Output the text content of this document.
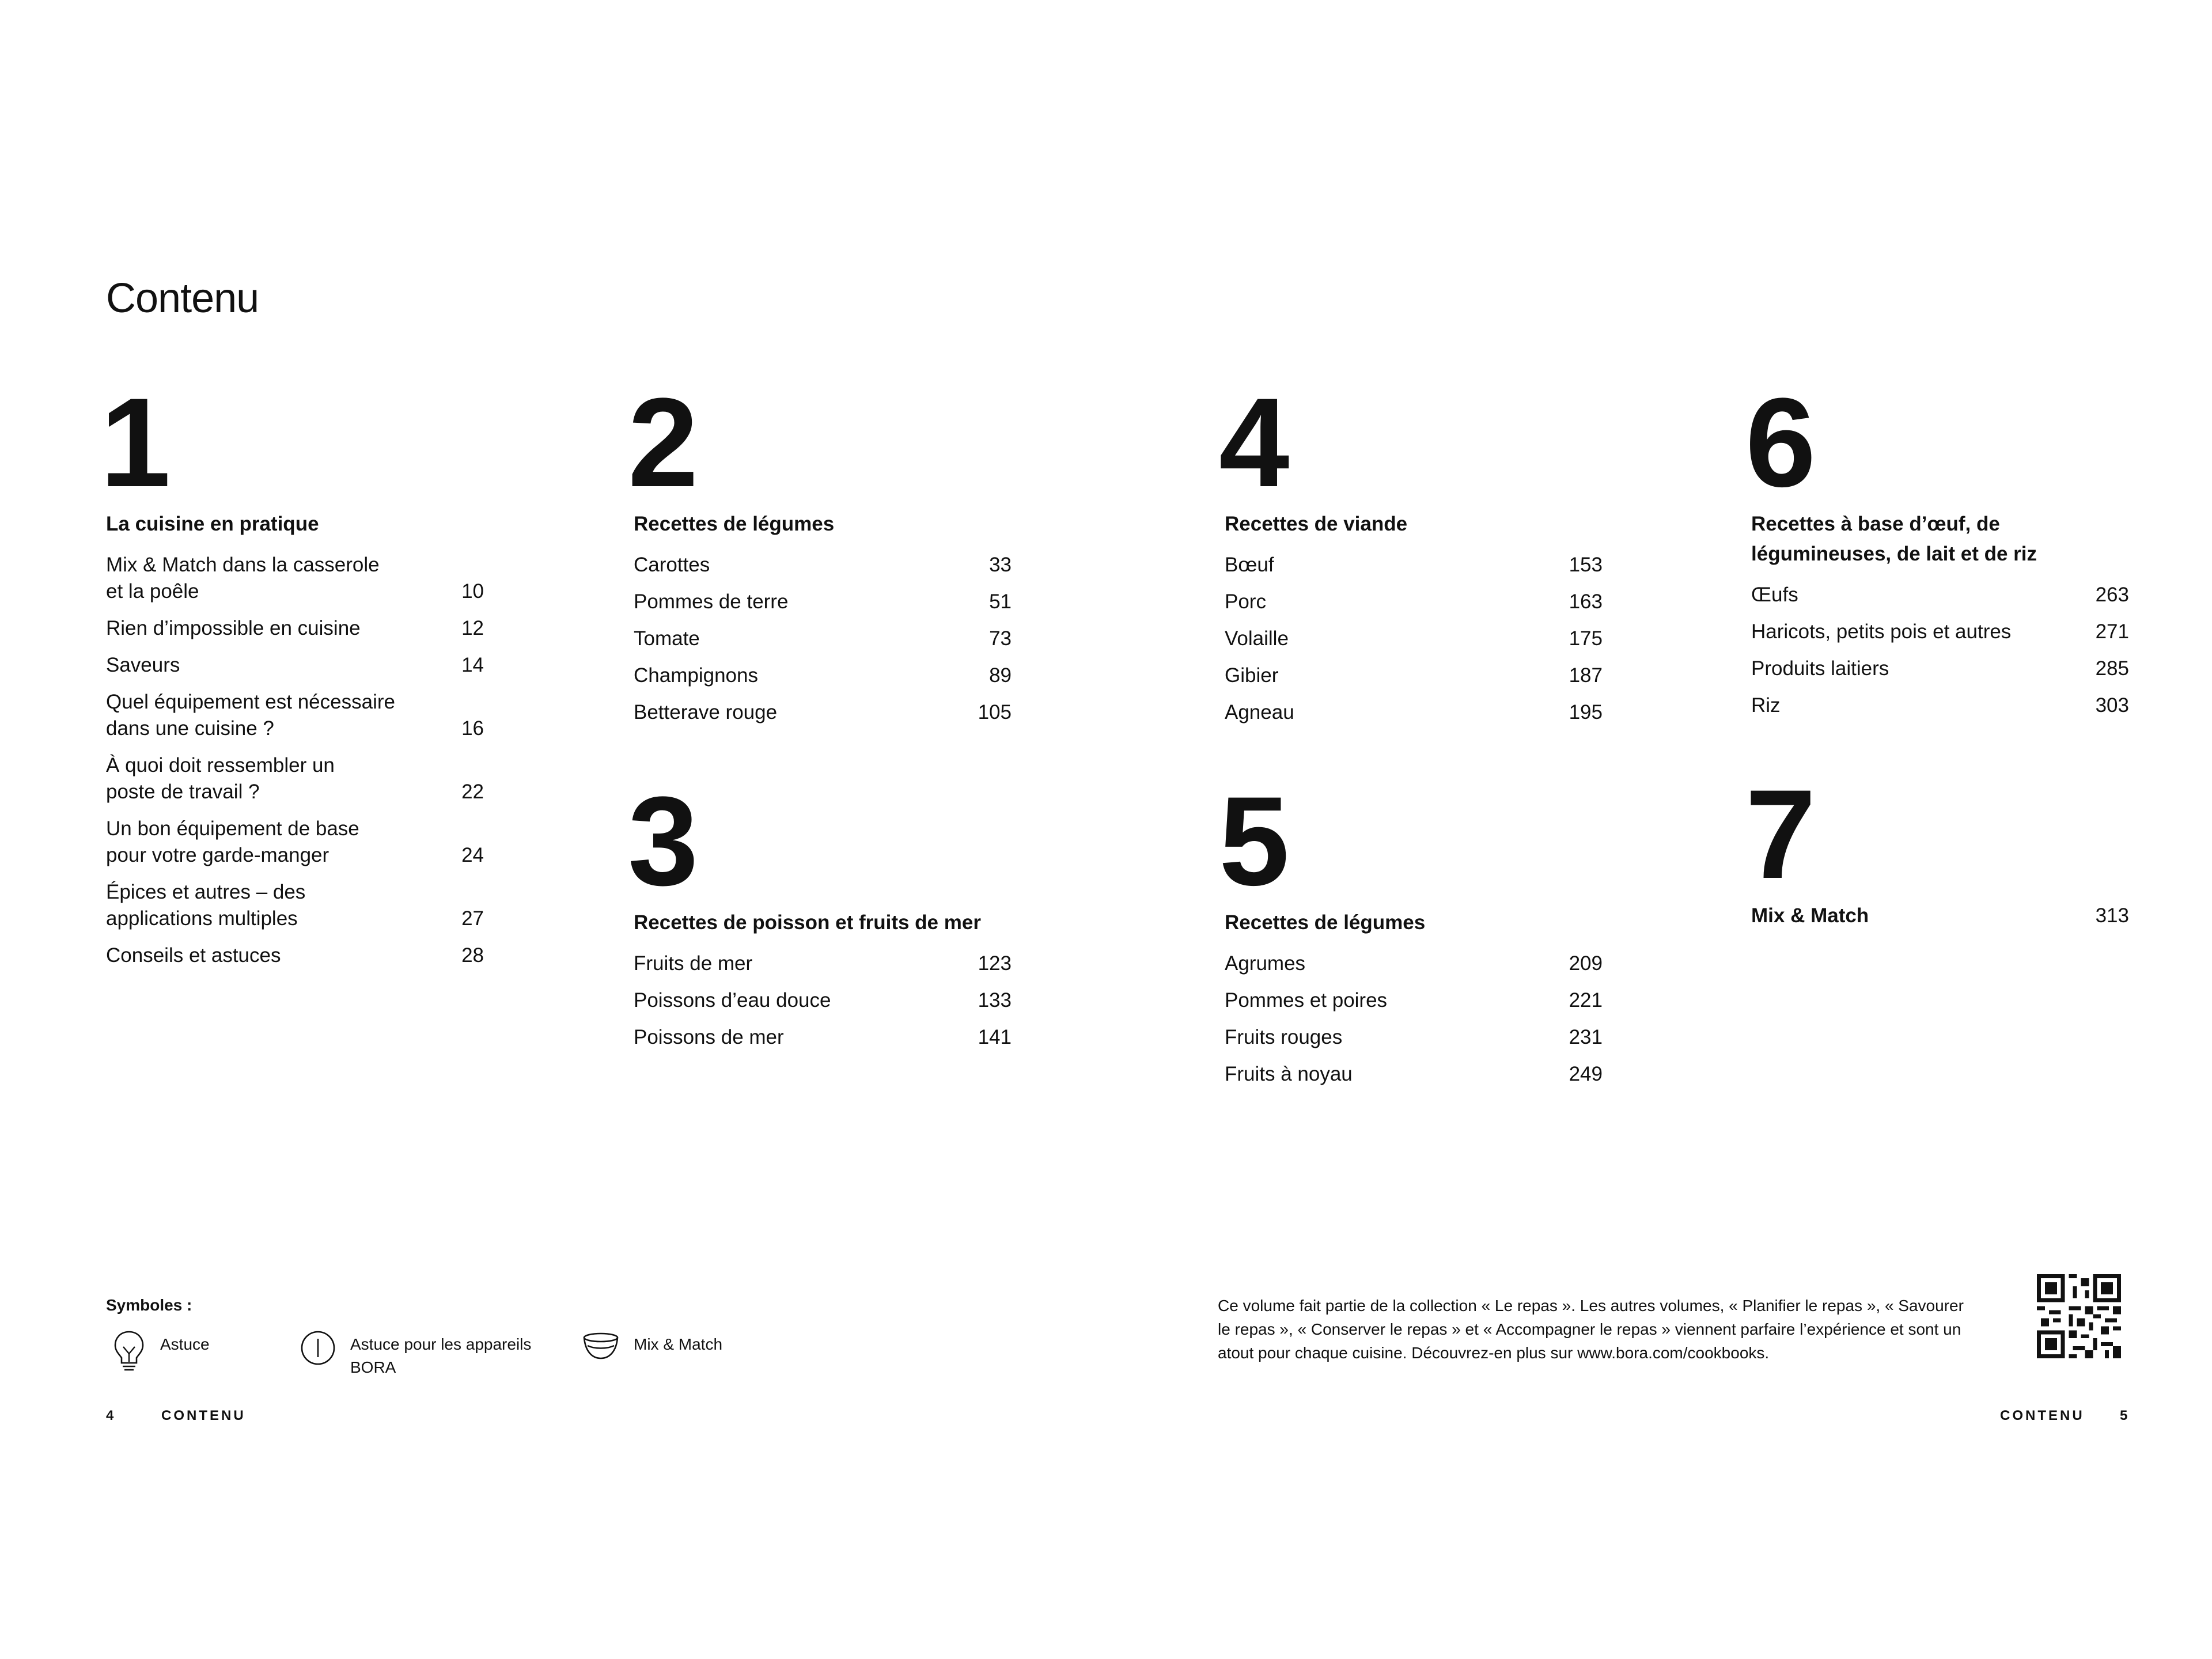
Contenu
1
La cuisine en pratique
Mix & Match dans la casserole
et la poêle	10
Rien d’impossible en cuisine	12
Saveurs	14
Quel équipement est nécessaire
dans une cuisine ?	16
À quoi doit ressembler un
poste de travail ?	22
Un bon équipement de base
pour votre garde-manger	24
Épices et autres – des
applications multiples	27
Conseils et astuces	28
2
Recettes de légumes
Carottes	33
Pommes de terre	51
Tomate	73
Champignons	89
Betterave rouge	105
3
Recettes de poisson et fruits de mer
Fruits de mer	123
Poissons d’eau douce	133
Poissons de mer	141
4
Recettes de viande
Bœuf	153
Porc	163
Volaille	175
Gibier	187
Agneau	195
5
Recettes de légumes
Agrumes	209
Pommes et poires	221
Fruits rouges	231
Fruits à noyau	249
6
Recettes à base d’œuf, de
légumineuses, de lait et de riz
Œufs	263
Haricots, petits pois et autres	271
Produits laitiers	285
Riz	303
7
Mix & Match	313
Symboles :
Astuce	Astuce pour les appareils
BORA
Mix & Match
Ce volume fait partie de la collection « Le repas ». Les autres volumes, « Planifier le repas », « Savourer le repas », « Conserver le repas » et « Accompagner le repas » viennent parfaire l’expérience et sont un atout pour chaque cuisine. Découvrez-en plus sur www.bora.com/cookbooks.
4	CONTENU	CONTENU	5
